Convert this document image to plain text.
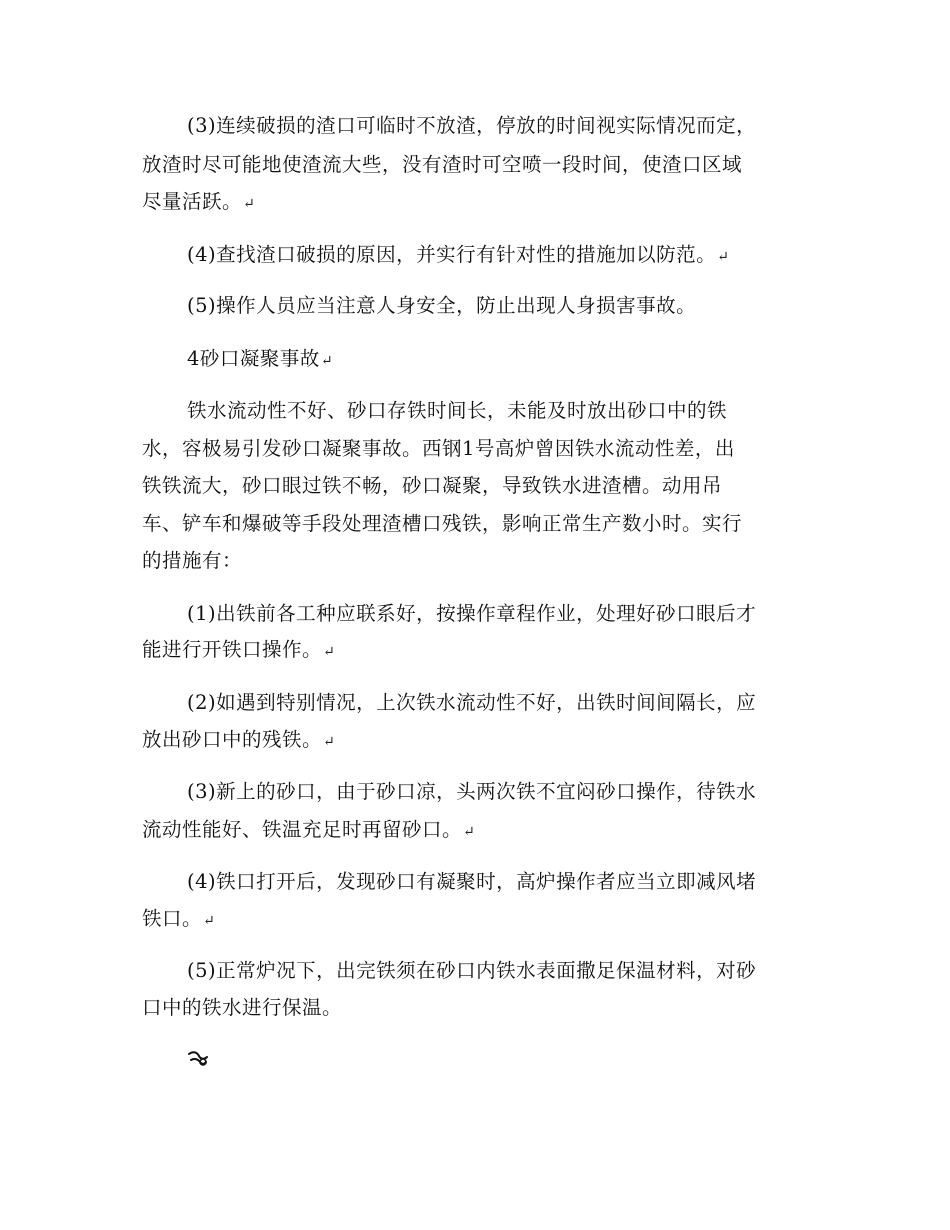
(3)连续破损的渣口可临时不放渣，停放的时间视实际情况而定，
放渣时尽可能地使渣流大些，没有渣时可空喷一段时间，使渣口区域
尽量活跃。↵
(4)查找渣口破损的原因，并实行有针对性的措施加以防范。↵
(5)操作人员应当注意人身安全，防止出现人身损害事故。
4砂口凝聚事故↵
铁水流动性不好、砂口存铁时间长，未能及时放出砂口中的铁
水，容极易引发砂口凝聚事故。西钢1号高炉曾因铁水流动性差，出
铁铁流大，砂口眼过铁不畅，砂口凝聚，导致铁水进渣槽。动用吊
车、铲车和爆破等手段处理渣槽口残铁，影响正常生产数小时。实行
的措施有：
(1)出铁前各工种应联系好，按操作章程作业，处理好砂口眼后才
能进行开铁口操作。↵
(2)如遇到特别情况，上次铁水流动性不好，出铁时间间隔长，应
放出砂口中的残铁。↵
(3)新上的砂口，由于砂口凉，头两次铁不宜闷砂口操作，待铁水
流动性能好、铁温充足时再留砂口。↵
(4)铁口打开后，发现砂口有凝聚时，高炉操作者应当立即减风堵
铁口。↵
(5)正常炉况下，出完铁须在砂口内铁水表面撒足保温材料，对砂
口中的铁水进行保温。
